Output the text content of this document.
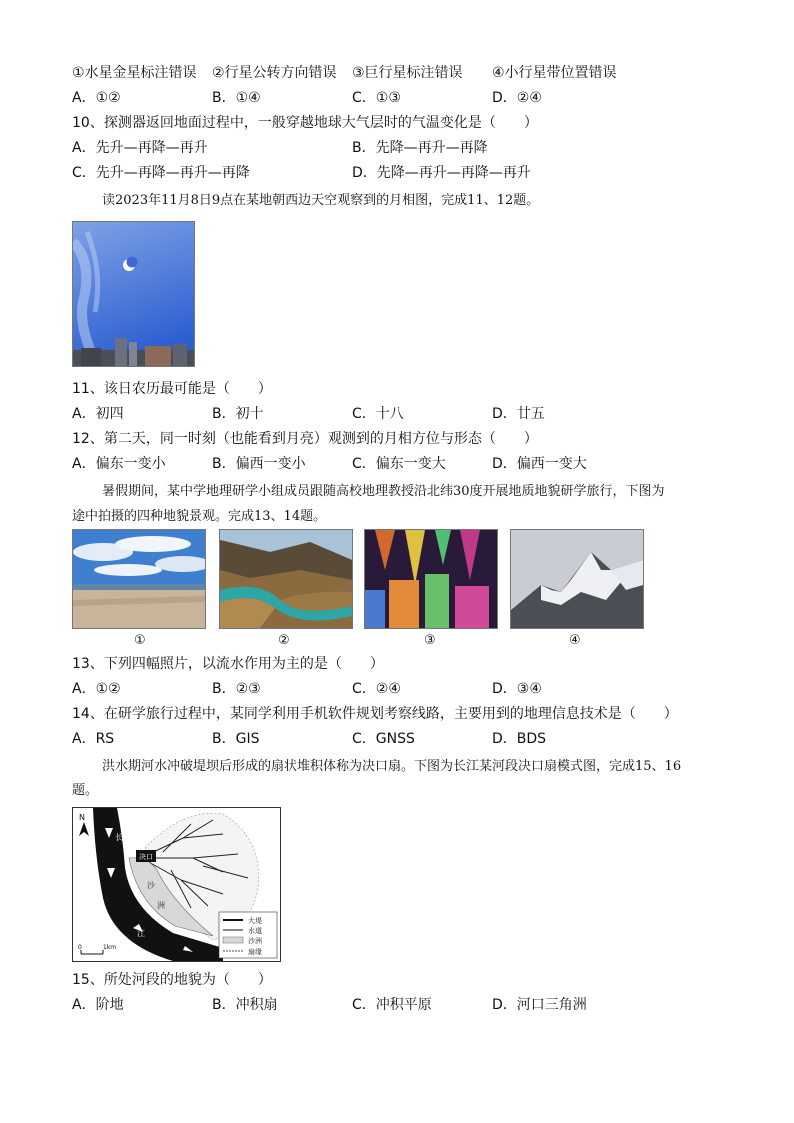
①水星金星标注错误 ②行星公转方向错误 ③巨行星标注错误 ④小行星带位置错误
A．①②	B．①④	C．①③	D．②④
10、探测器返回地面过程中，一般穿越地球大气层时的气温变化是（　　）
A．先升—再降—再升	B．先降—再升—再降
C．先升—再降—再升—再降	D．先降—再升—再降—再升
读2023年11月8日9点在某地朝西边天空观察到的月相图，完成11、12题。
11、该日农历最可能是（　　）
A．初四	B．初十	C．十八	D．廿五
12、第二天，同一时刻（也能看到月亮）观测到的月相方位与形态（　　）
A．偏东一变小	B．偏西一变小	C．偏东一变大	D．偏西一变大
暑假期间，某中学地理研学小组成员跟随高校地理教授沿北纬30度开展地质地貌研学旅行，下图为
途中拍摄的四种地貌景观。完成13、14题。
①	②	③	④
13、下列四幅照片，以流水作用为主的是（　　）
A．①②	B．②③	C．②④	D．③④
14、在研学旅行过程中，某同学利用手机软件规划考察线路，主要用到的地理信息技术是（　　）
A．RS	B．GIS	C．GNSS	D．BDS
洪水期河水冲破堤坝后形成的扇状堆积体称为决口扇。下图为长江某河段决口扇模式图，完成15、16
题。
决口
长
江
沙
洲
N
0	1km
大堤
水道
沙洲
扇缘
15、所处河段的地貌为（　　）
A．阶地	B．冲积扇	C．冲积平原	D．河口三角洲
